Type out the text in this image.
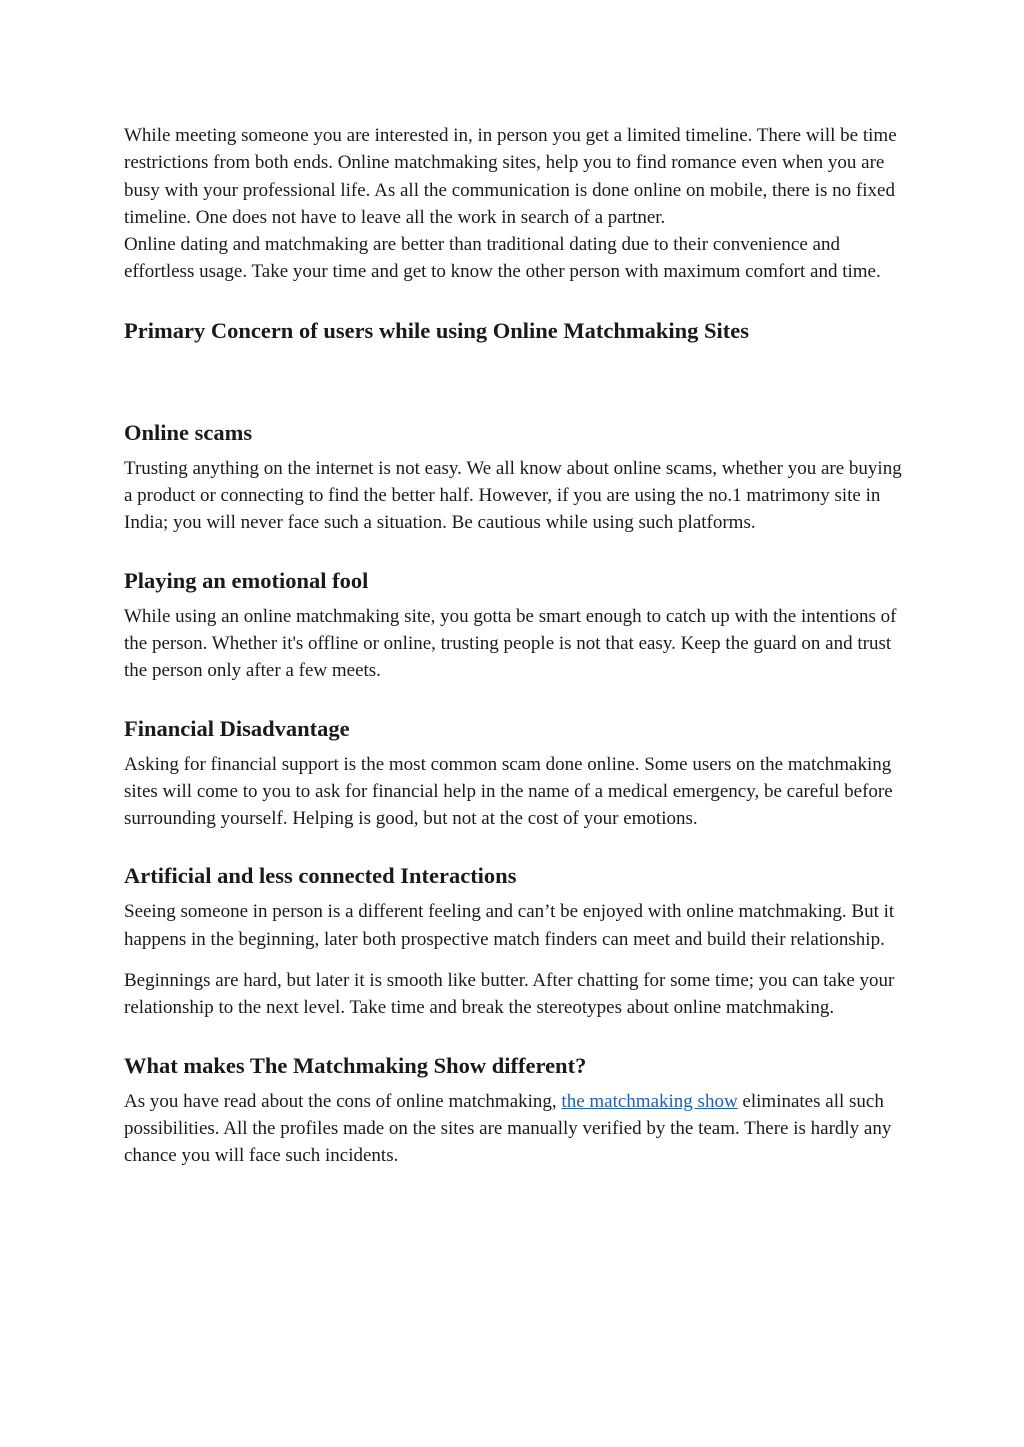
While meeting someone you are interested in, in person you get a limited timeline. There will be time restrictions from both ends. Online matchmaking sites, help you to find romance even when you are busy with your professional life. As all the communication is done online on mobile, there is no fixed timeline. One does not have to leave all the work in search of a partner.

Online dating and matchmaking are better than traditional dating due to their convenience and effortless usage. Take your time and get to know the other person with maximum comfort and time.

Primary Concern of users while using Online Matchmaking Sites
Online scams

Trusting anything on the internet is not easy. We all know about online scams, whether you are buying a product or connecting to find the better half. However, if you are using the no.1 matrimony site in India; you will never face such a situation. Be cautious while using such platforms.

Playing an emotional fool

While using an online matchmaking site, you gotta be smart enough to catch up with the intentions of the person. Whether it's offline or online, trusting people is not that easy. Keep the guard on and trust the person only after a few meets.

Financial Disadvantage

Asking for financial support is the most common scam done online. Some users on the matchmaking sites will come to you to ask for financial help in the name of a medical emergency, be careful before surrounding yourself. Helping is good, but not at the cost of your emotions.

Artificial and less connected Interactions

Seeing someone in person is a different feeling and can’t be enjoyed with online matchmaking. But it happens in the beginning, later both prospective match finders can meet and build their relationship.

Beginnings are hard, but later it is smooth like butter. After chatting for some time; you can take your relationship to the next level. Take time and break the stereotypes about online matchmaking.

What makes The Matchmaking Show different?

As you have read about the cons of online matchmaking, the matchmaking show eliminates all such possibilities. All the profiles made on the sites are manually verified by the team. There is hardly any chance you will face such incidents.
